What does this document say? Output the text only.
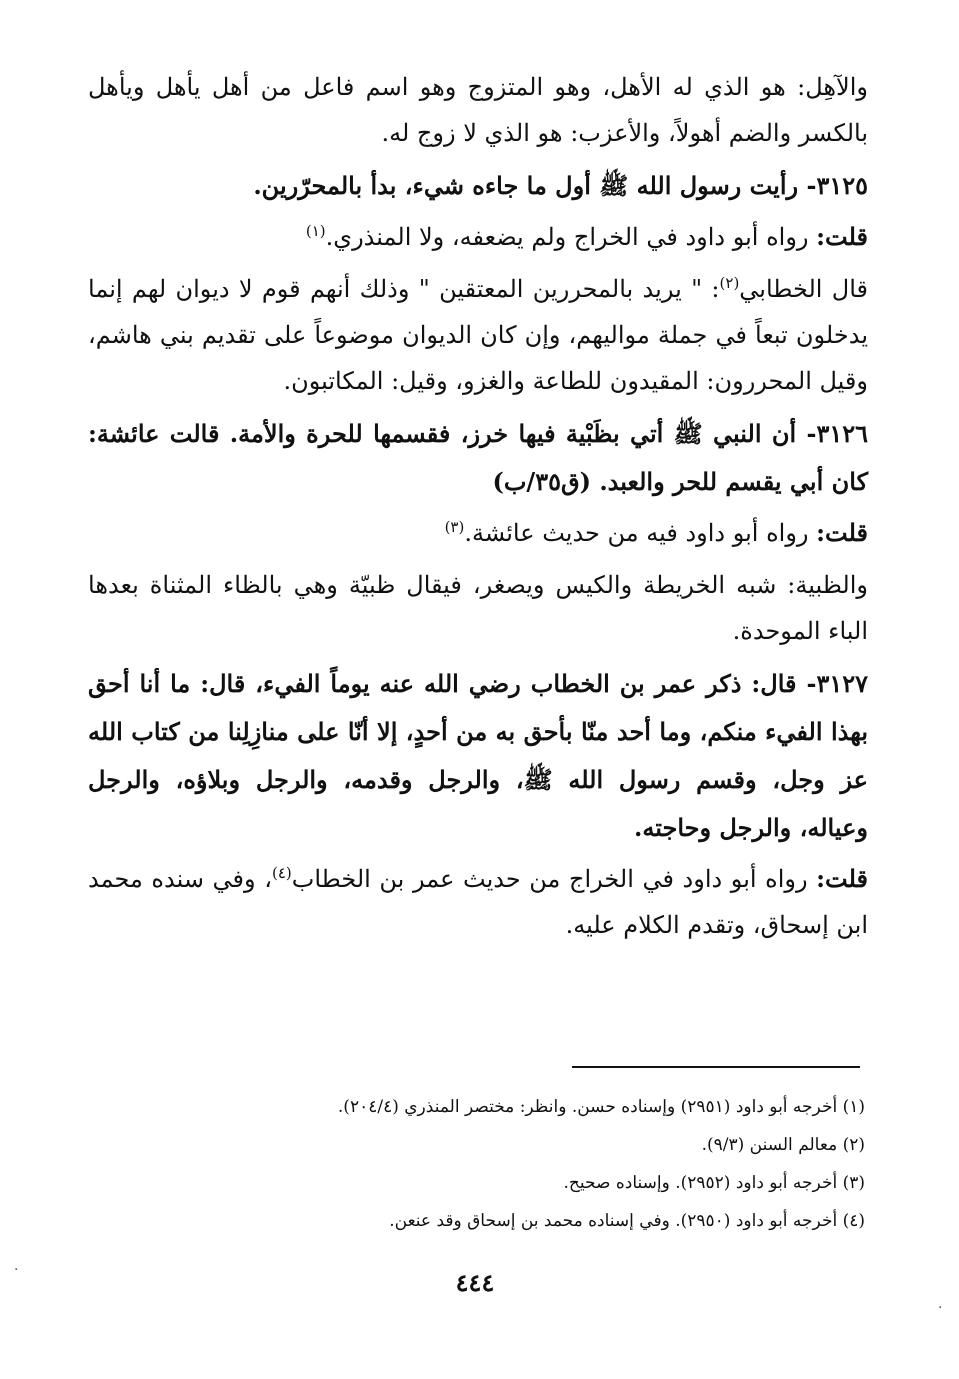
والآهِل: هو الذي له الأهل، وهو المتزوج وهو اسم فاعل من أهل يأهل ويأهل بالكسر والضم أهولاً، والأعزب: هو الذي لا زوج له.

٣١٢٥- رأيت رسول الله ﷺ أول ما جاءه شيء، بدأ بالمحرّرين.

قلت: رواه أبو داود في الخراج ولم يضعفه، ولا المنذري.$^{(١)}$

قال الخطابي$^{(٢)}$: " يريد بالمحررين المعتقين " وذلك أنهم قوم لا ديوان لهم إنما يدخلون تبعاً في جملة مواليهم، وإن كان الديوان موضوعاً على تقديم بني هاشم، وقيل المحررون: المقيدون للطاعة والغزو، وقيل: المكاتبون.

٣١٢٦- أن النبي ﷺ أتي بظَبْية فيها خرز، فقسمها للحرة والأمة. قالت عائشة: كان أبي يقسم للحر والعبد. (ق٣٥/ب)

قلت: رواه أبو داود فيه من حديث عائشة.$^{(٣)}$

والظبية: شبه الخريطة والكيس ويصغر، فيقال ظبيّة وهي بالظاء المثناة بعدها الباء الموحدة.

٣١٢٧- قال: ذكر عمر بن الخطاب رضي الله عنه يوماً الفيء، قال: ما أنا أحق بهذا الفيء منكم، وما أحد منّا بأحق به من أحدٍ، إلا أنّا على منازِلِنا من كتاب الله عز وجل، وقسم رسول الله ﷺ، والرجل وقدمه، والرجل وبلاؤه، والرجل وعياله، والرجل وحاجته.

قلت: رواه أبو داود في الخراج من حديث عمر بن الخطاب$^{(٤)}$، وفي سنده محمد ابن إسحاق، وتقدم الكلام عليه.

(١) أخرجه أبو داود (٢٩٥١) وإسناده حسن. وانظر: مختصر المنذري (٢٠٤/٤).

(٢) معالم السنن (٩/٣).

(٣) أخرجه أبو داود (٢٩٥٢). وإسناده صحيح.

(٤) أخرجه أبو داود (٢٩٥٠). وفي إسناده محمد بن إسحاق وقد عنعن.

٤٤٤
·
·
